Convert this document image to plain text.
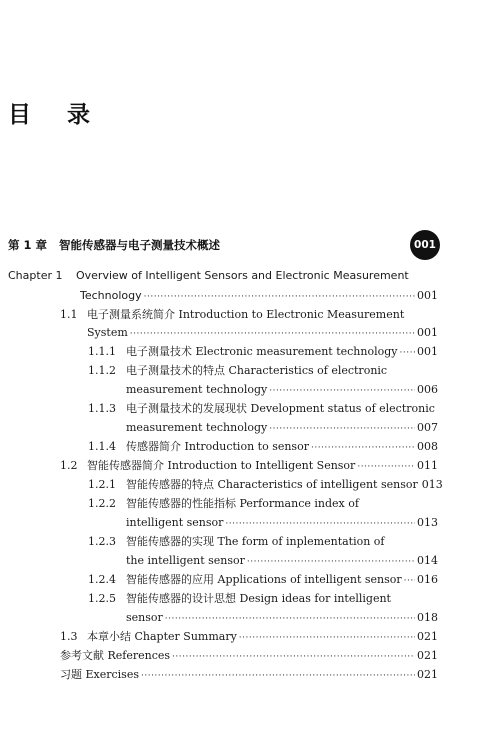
目 录
第 1 章 智能传感器与电子测量技术概述	001
Chapter 1 Overview of Intelligent Sensors and Electronic Measurement
Technology ·····	001
1.1 电子测量系统简介 Introduction to Electronic Measurement
System ·····	001
1.1.1 电子测量技术 Electronic measurement technology ····· 001
1.1.2 电子测量技术的特点 Characteristics of electronic
measurement technology ·····	006
1.1.3 电子测量技术的发展现状 Development status of electronic
measurement technology ·····	007
1.1.4 传感器简介 Introduction to sensor ·····	008
1.2 智能传感器简介 Introduction to Intelligent Sensor ·····	011
1.2.1 智能传感器的特点 Characteristics of intelligent sensor 013
1.2.2 智能传感器的性能指标 Performance index of
intelligent sensor ·····	013
1.2.3 智能传感器的实现 The form of inplementation of
the intelligent sensor ·····	014
1.2.4 智能传感器的应用 Applications of intelligent sensor ····· 016
1.2.5 智能传感器的设计思想 Design ideas for intelligent
sensor ·····	018
1.3 本章小结 Chapter Summary ·····	021
参考文献 References ·····	021
习题 Exercises ·····	021
